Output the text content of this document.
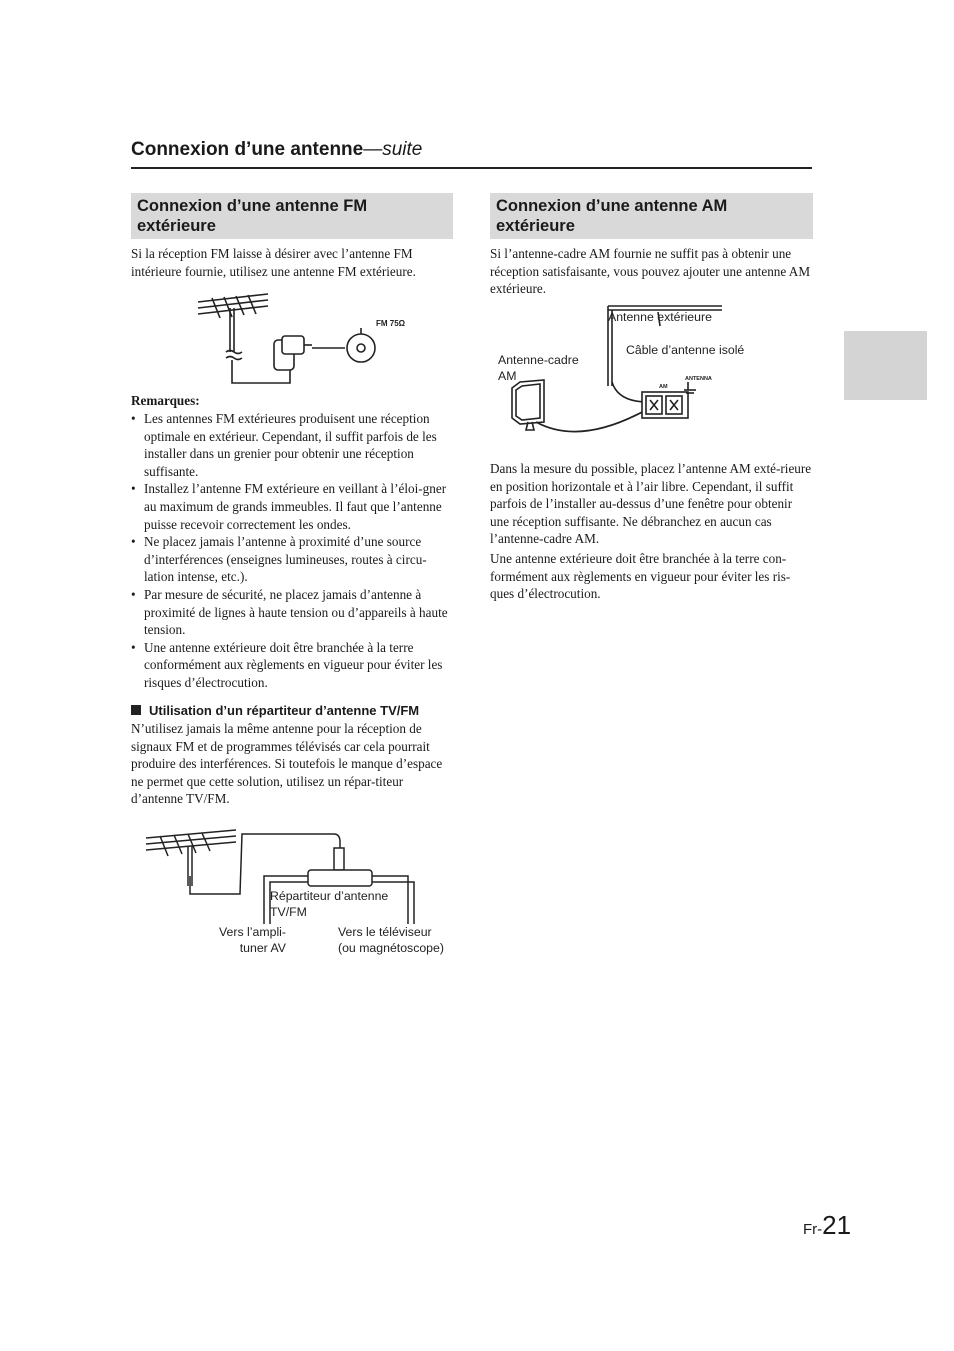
Connexion d’une antenne—suite
Connexion d’une antenne FM extérieure

Si la réception FM laisse à désirer avec l’antenne FM intérieure fournie, utilisez une antenne FM extérieure.

FM 75Ω
Remarques:
• Les antennes FM extérieures produisent une réception optimale en extérieur. Cependant, il suffit parfois de les installer dans un grenier pour obtenir une réception suffisante.
• Installez l’antenne FM extérieure en veillant à l’éloi-gner au maximum de grands immeubles. Il faut que l’antenne puisse recevoir correctement les ondes.
• Ne placez jamais l’antenne à proximité d’une source d’interférences (enseignes lumineuses, routes à circu-lation intense, etc.).
• Par mesure de sécurité, ne placez jamais d’antenne à proximité de lignes à haute tension ou d’appareils à haute tension.
• Une antenne extérieure doit être branchée à la terre conformément aux règlements en vigueur pour éviter les risques d’électrocution.
Utilisation d’un répartiteur d’antenne TV/FM

N’utilisez jamais la même antenne pour la réception de signaux FM et de programmes télévisés car cela pourrait produire des interférences. Si toutefois le manque d’espace ne permet que cette solution, utilisez un répar-titeur d’antenne TV/FM.

Répartiteur d’antenne
TV/FM
Vers l’ampli-
tuner AV
Vers le téléviseur
(ou magnétoscope)
Connexion d’une antenne AM extérieure

Si l’antenne-cadre AM fournie ne suffit pas à obtenir une réception satisfaisante, vous pouvez ajouter une antenne AM extérieure.

AM
ANTENNA
Antenne extérieure
Câble d’antenne isolé
Antenne-cadre
AM

Dans la mesure du possible, placez l’antenne AM exté-rieure en position horizontale et à l’air libre. Cependant, il suffit parfois de l’installer au-dessus d’une fenêtre pour obtenir une réception suffisante. Ne débranchez en aucun cas l’antenne-cadre AM.

Une antenne extérieure doit être branchée à la terre con-formément aux règlements en vigueur pour éviter les ris-ques d’électrocution.

Fr-21
